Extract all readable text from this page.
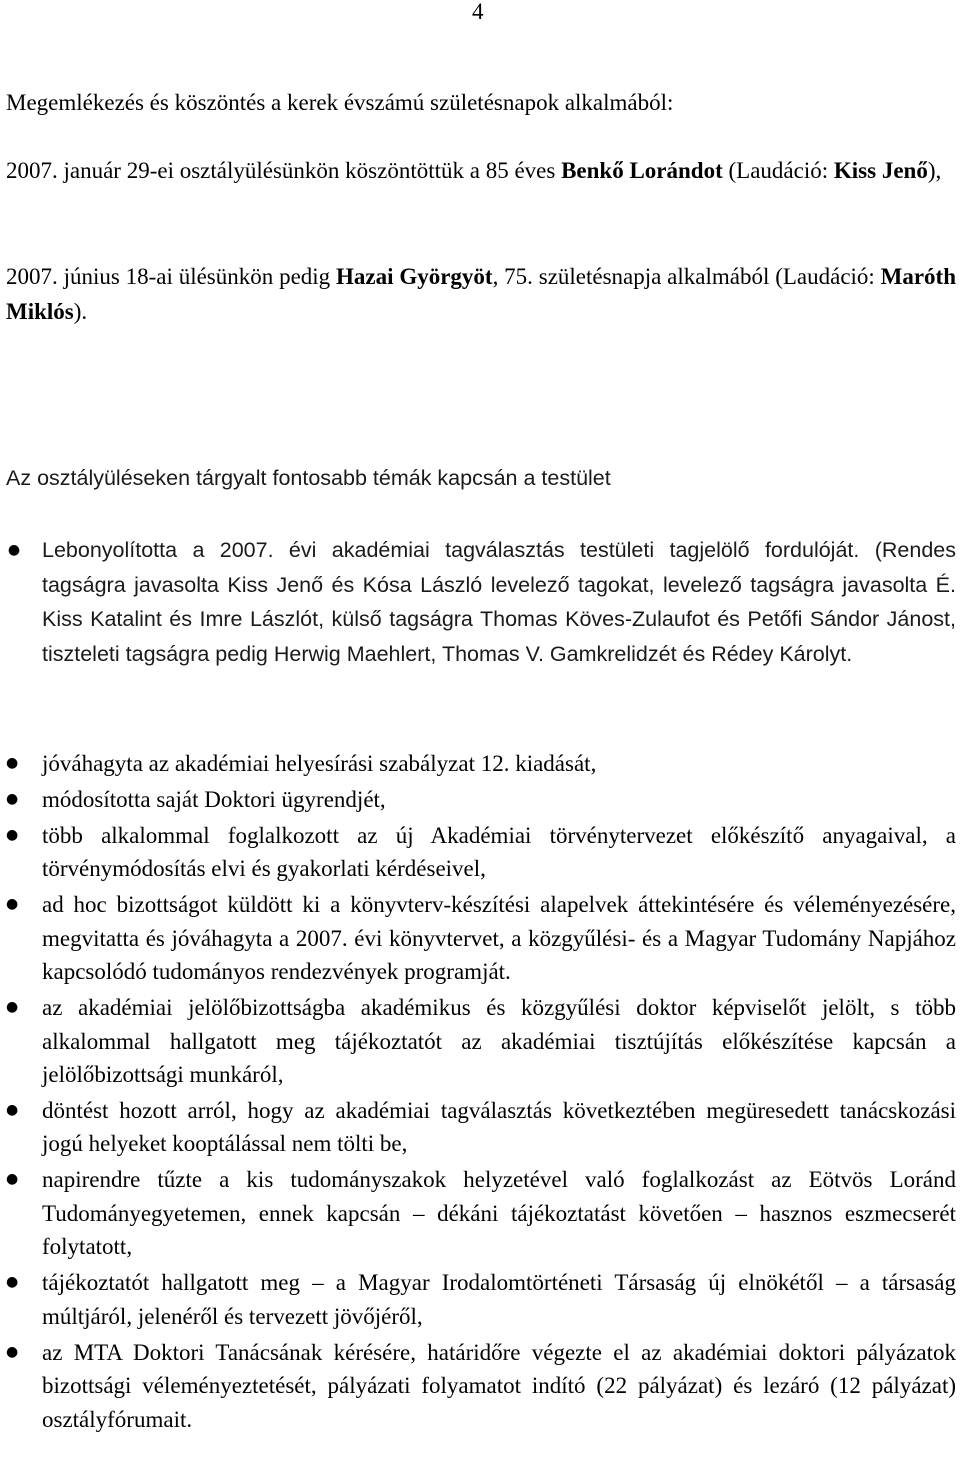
4

Megemlékezés és köszöntés a kerek évszámú születésnapok alkalmából:

2007. január 29-ei osztályülésünkön köszöntöttük a 85 éves Benkő Lorándot (Laudáció: Kiss Jenő),

2007. június 18-ai ülésünkön pedig Hazai Györgyöt, 75. születésnapja alkalmából (Laudáció: Maróth Miklós).

Az osztályüléseken tárgyalt fontosabb témák kapcsán a testület

● Lebonyolította a 2007. évi akadémiai tagválasztás testületi tagjelölő fordulóját. (Rendes tagságra javasolta Kiss Jenő és Kósa László levelező tagokat, levelező tagságra javasolta É. Kiss Katalint és Imre Lászlót, külső tagságra Thomas Köves-Zulaufot és Petőfi Sándor Jánost, tiszteleti tagságra pedig Herwig Maehlert, Thomas V. Gamkrelidzét és Rédey Károlyt.
● jóváhagyta az akadémiai helyesírási szabályzat 12. kiadását,
● módosította saját Doktori ügyrendjét,
● több alkalommal foglalkozott az új Akadémiai törvénytervezet előkészítő anyagaival, a törvénymódosítás elvi és gyakorlati kérdéseivel,
● ad hoc bizottságot küldött ki a könyvterv-készítési alapelvek áttekintésére és véleményezésére, megvitatta és jóváhagyta a 2007. évi könyvtervet, a közgyűlési- és a Magyar Tudomány Napjához kapcsolódó tudományos rendezvények programját.
● az akadémiai jelölőbizottságba akadémikus és közgyűlési doktor képviselőt jelölt, s több alkalommal hallgatott meg tájékoztatót az akadémiai tisztújítás előkészítése kapcsán a jelölőbizottsági munkáról,
● döntést hozott arról, hogy az akadémiai tagválasztás következtében megüresedett tanácskozási jogú helyeket kooptálással nem tölti be,
● napirendre tűzte a kis tudományszakok helyzetével való foglalkozást az Eötvös Loránd Tudományegyetemen, ennek kapcsán – dékáni tájékoztatást követően – hasznos eszmecserét folytatott,
● tájékoztatót hallgatott meg – a Magyar Irodalomtörténeti Társaság új elnökétől – a társaság múltjáról, jelenéről és tervezett jövőjéről,
● az MTA Doktori Tanácsának kérésére, határidőre végezte el az akadémiai doktori pályázatok bizottsági véleményeztetését, pályázati folyamatot indító (22 pályázat) és lezáró (12 pályázat) osztályfórumait.
